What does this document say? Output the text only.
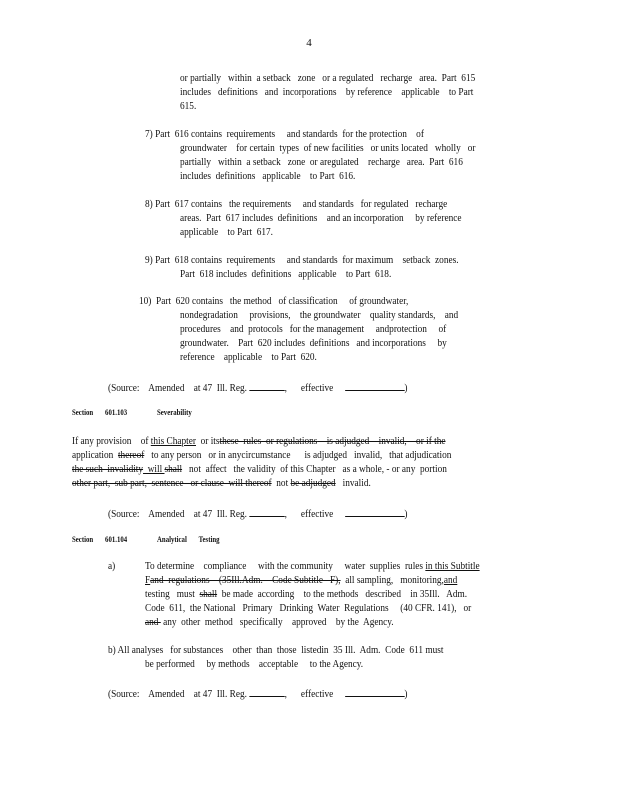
4
or partially   within  a setback   zone   or a regulated   recharge   area.  Part  615
includes   definitions   and  incorporations    by reference    applicable    to Part
615.
7) Part  616 contains  requirements     and standards  for the protection    of
groundwater    for certain  types  of new facilities   or units located   wholly   or
partially   within  a setback   zone  or aregulated    recharge   area.  Part  616
includes  definitions   applicable    to Part  616.
8) Part  617 contains   the requirements     and standards   for regulated   recharge
areas.  Part  617 includes  definitions    and an incorporation     by reference
applicable    to Part  617.
9) Part  618 contains  requirements     and standards  for maximum    setback  zones.
Part  618 includes  definitions   applicable    to Part  618.
10)  Part  620 contains   the method   of classification     of groundwater,
nondegradation     provisions,    the groundwater    quality standards,    and
procedures    and  protocols   for the management     andprotection     of
groundwater.    Part  620 includes  definitions   and incorporations     by
reference    applicable    to Part  620.
(Source: Amended    at 47  Ill. Reg.	,      effective	)
Section       601.103	Severability
If any provision    of this Chapter  or itsthese  rules  or regulations    is adjudged    invalid,    or if the
application  thereof   to any person   or in anycircumstance      is adjudged   invalid,   that adjudication
the such  invalidity  will shall   not  affect   the validity  of this Chapter   as a whole, - or any  portion
other part,  sub part,  sentence   or clause  will thereof  not be adjudged   invalid.
(Source: Amended    at 47  Ill. Reg.	,      effective	)
Section       601.104	Analytical       Testing
a)	To determine    compliance     with the community     water  supplies  rules in this Subtitle
Fand  regulations    (35Ill.Adm.    Code Subtitle   F),  all sampling,   monitoring,and
testing   must  shall  be made  according    to the methods   described    in 35Ill.   Adm.
Code  611,  the National   Primary   Drinking  Water  Regulations     (40 CFR. 141),   or
and  any  other  method   specifically    approved    by the  Agency.
b) All analyses   for substances    other  than  those  listedin  35 Ill.  Adm.  Code  611 must
be performed     by methods    acceptable     to the Agency.
(Source: Amended    at 47  Ill. Reg.	,      effective	)
